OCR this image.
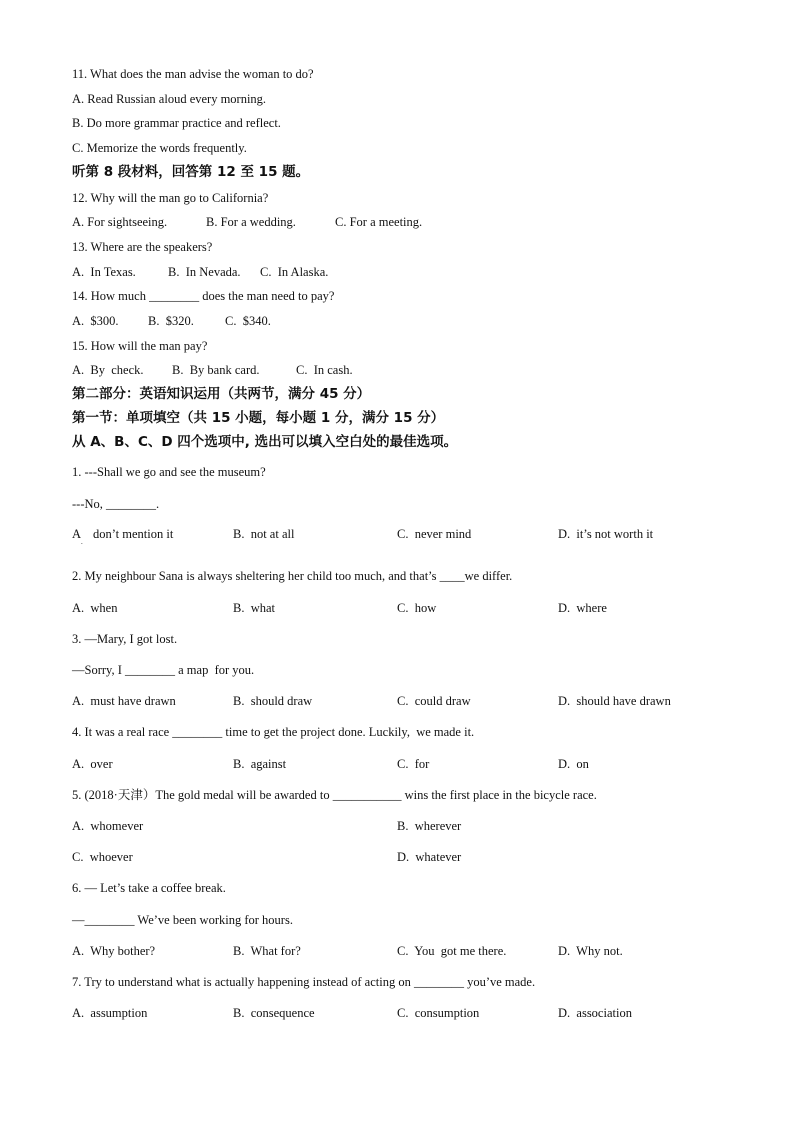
11. What does the man advise the woman to do?
A. Read Russian aloud every morning.
B. Do more grammar practice and reflect.
C. Memorize the words frequently.
听第 8 段材料，回答第 12 至 15 题。
12. Why will the man go to California?
A. For sightseeing.	B. For a wedding.	C. For a meeting.
13. Where are the speakers?
A.  In Texas.	B.  In Nevada. C.  In Alaska.
14. How much ________ does the man need to pay?
A.  $300. B.  $320. C.  $340.
15. How will the man pay?
A.  By  check. B.  By bank card.	C.  In cash.
第二部分：英语知识运用（共两节，满分 45 分）
第一节：单项填空（共 15 小题，每小题 1 分，满分 15 分）
从 A、B、C、D 四个选项中, 选出可以填入空白处的最佳选项。
1. ---Shall we go and see the museum?
---No, ________.
A
.
don’t mention it	B.  not at all	C.  never mind	D.  it’s not worth it
2. My neighbour Sana is always sheltering her child too much, and that’s ____we differ.
A.  when	B.  what	C.  how	D.  where
3. —Mary, I got lost.
—Sorry, I ________ a map  for you.
A.  must have drawn	B.  should draw	C.  could draw	D.  should have drawn
4. It was a real race ________ time to get the project done. Luckily,  we made it.
A.  over	B.  against	C.  for	D.  on
5. (2018·天津）The gold medal will be awarded to ___________ wins the first place in the bicycle race.
A.  whomever	B.  wherever
C.  whoever	D.  whatever
6. — Let’s take a coffee break.
—________ We’ve been working for hours.
A.  Why bother?	B.  What for?	C.  You  got me there.	D.  Why not.
7. Try to understand what is actually happening instead of acting on ________ you’ve made.
A.  assumption	B.  consequence	C.  consumption	D.  association
